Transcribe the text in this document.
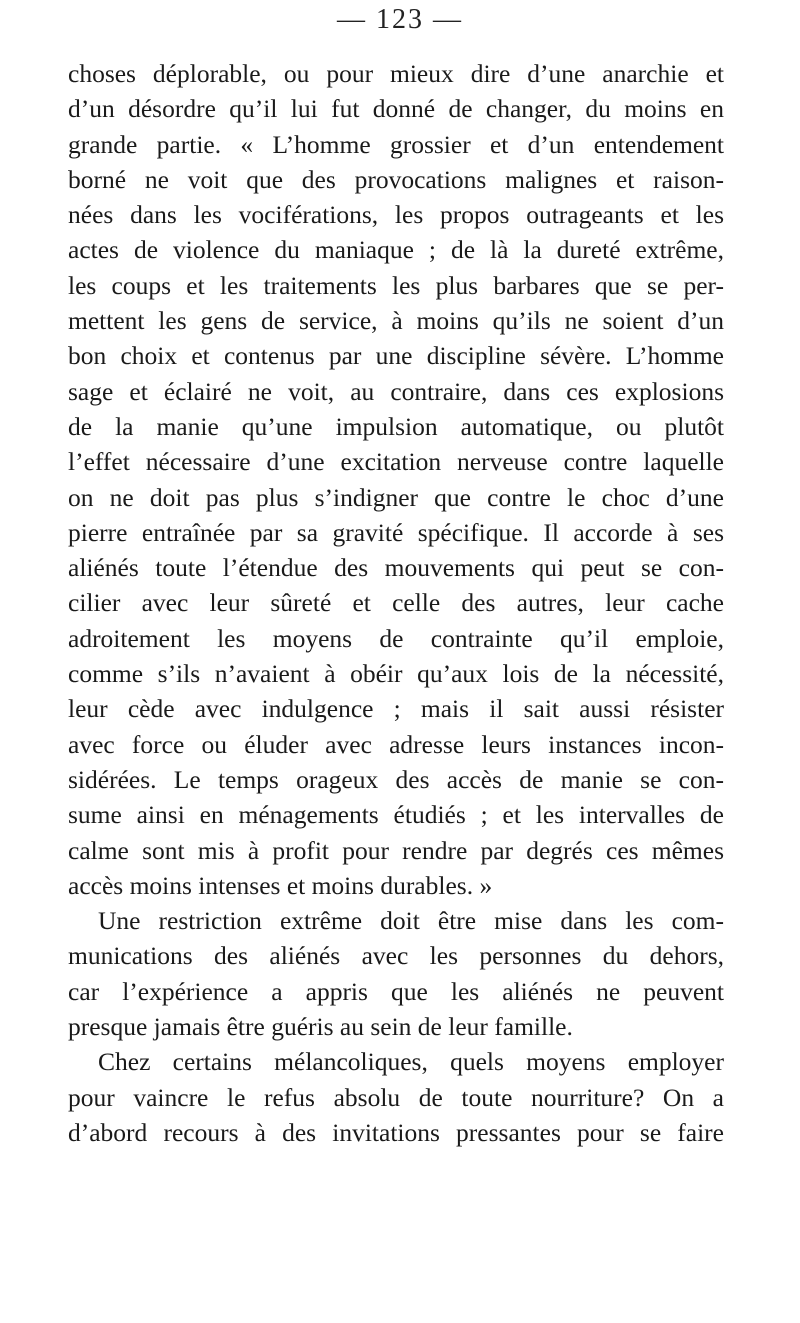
— 123 —
choses déplorable, ou pour mieux dire d’une anarchie et
d’un désordre qu’il lui fut donné de changer, du moins en
grande partie. « L’homme grossier et d’un entendement
borné ne voit que des provocations malignes et raison-
nées dans les vociférations, les propos outrageants et les
actes de violence du maniaque ; de là la dureté extrême,
les coups et les traitements les plus barbares que se per-
mettent les gens de service, à moins qu’ils ne soient d’un
bon choix et contenus par une discipline sévère. L’homme
sage et éclairé ne voit, au contraire, dans ces explosions
de la manie qu’une impulsion automatique, ou plutôt
l’effet nécessaire d’une excitation nerveuse contre laquelle
on ne doit pas plus s’indigner que contre le choc d’une
pierre entraînée par sa gravité spécifique. Il accorde à ses
aliénés toute l’étendue des mouvements qui peut se con-
cilier avec leur sûreté et celle des autres, leur cache
adroitement les moyens de contrainte qu’il emploie,
comme s’ils n’avaient à obéir qu’aux lois de la nécessité,
leur cède avec indulgence ; mais il sait aussi résister
avec force ou éluder avec adresse leurs instances incon-
sidérées. Le temps orageux des accès de manie se con-
sume ainsi en ménagements étudiés ; et les intervalles de
calme sont mis à profit pour rendre par degrés ces mêmes
accès moins intenses et moins durables. »
Une restriction extrême doit être mise dans les com-
munications des aliénés avec les personnes du dehors,
car l’expérience a appris que les aliénés ne peuvent
presque jamais être guéris au sein de leur famille.
Chez certains mélancoliques, quels moyens employer
pour vaincre le refus absolu de toute nourriture? On a
d’abord recours à des invitations pressantes pour se faire
